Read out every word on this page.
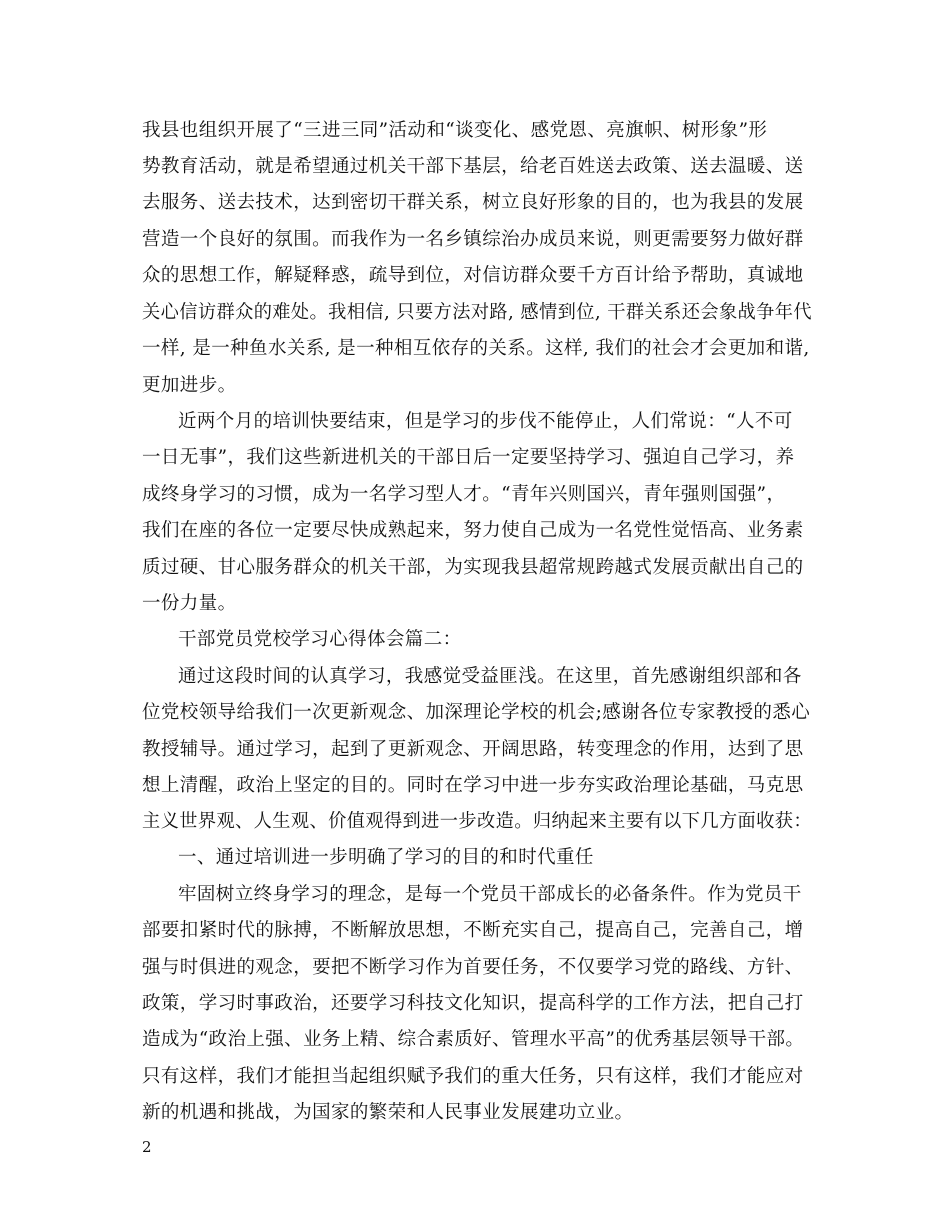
我县也组织开展了“三进三同”活动和“谈变化、感党恩、亮旗帜、树形象”形
势教育活动，就是希望通过机关干部下基层，给老百姓送去政策、送去温暖、送
去服务、送去技术，达到密切干群关系，树立良好形象的目的，也为我县的发展
营造一个良好的氛围。而我作为一名乡镇综治办成员来说，则更需要努力做好群
众的思想工作，解疑释惑，疏导到位，对信访群众要千方百计给予帮助，真诚地
关心信访群众的难处。我相信, 只要方法对路, 感情到位, 干群关系还会象战争年代
一样, 是一种鱼水关系, 是一种相互依存的关系。这样, 我们的社会才会更加和谐,
更加进步。
近两个月的培训快要结束，但是学习的步伐不能停止，人们常说：“人不可
一日无事”，我们这些新进机关的干部日后一定要坚持学习、强迫自己学习，养
成终身学习的习惯，成为一名学习型人才。“青年兴则国兴，青年强则国强”，
我们在座的各位一定要尽快成熟起来，努力使自己成为一名党性觉悟高、业务素
质过硬、甘心服务群众的机关干部，为实现我县超常规跨越式发展贡献出自己的
一份力量。
干部党员党校学习心得体会篇二：
通过这段时间的认真学习，我感觉受益匪浅。在这里，首先感谢组织部和各
位党校领导给我们一次更新观念、加深理论学校的机会;感谢各位专家教授的悉心
教授辅导。通过学习，起到了更新观念、开阔思路，转变理念的作用，达到了思
想上清醒，政治上坚定的目的。同时在学习中进一步夯实政治理论基础，马克思
主义世界观、人生观、价值观得到进一步改造。归纳起来主要有以下几方面收获：
一、通过培训进一步明确了学习的目的和时代重任
牢固树立终身学习的理念，是每一个党员干部成长的必备条件。作为党员干
部要扣紧时代的脉搏，不断解放思想，不断充实自己，提高自己，完善自己，增
强与时俱进的观念，要把不断学习作为首要任务，不仅要学习党的路线、方针、
政策，学习时事政治，还要学习科技文化知识，提高科学的工作方法，把自己打
造成为“政治上强、业务上精、综合素质好、管理水平高”的优秀基层领导干部。
只有这样，我们才能担当起组织赋予我们的重大任务，只有这样，我们才能应对
新的机遇和挑战，为国家的繁荣和人民事业发展建功立业。
2
